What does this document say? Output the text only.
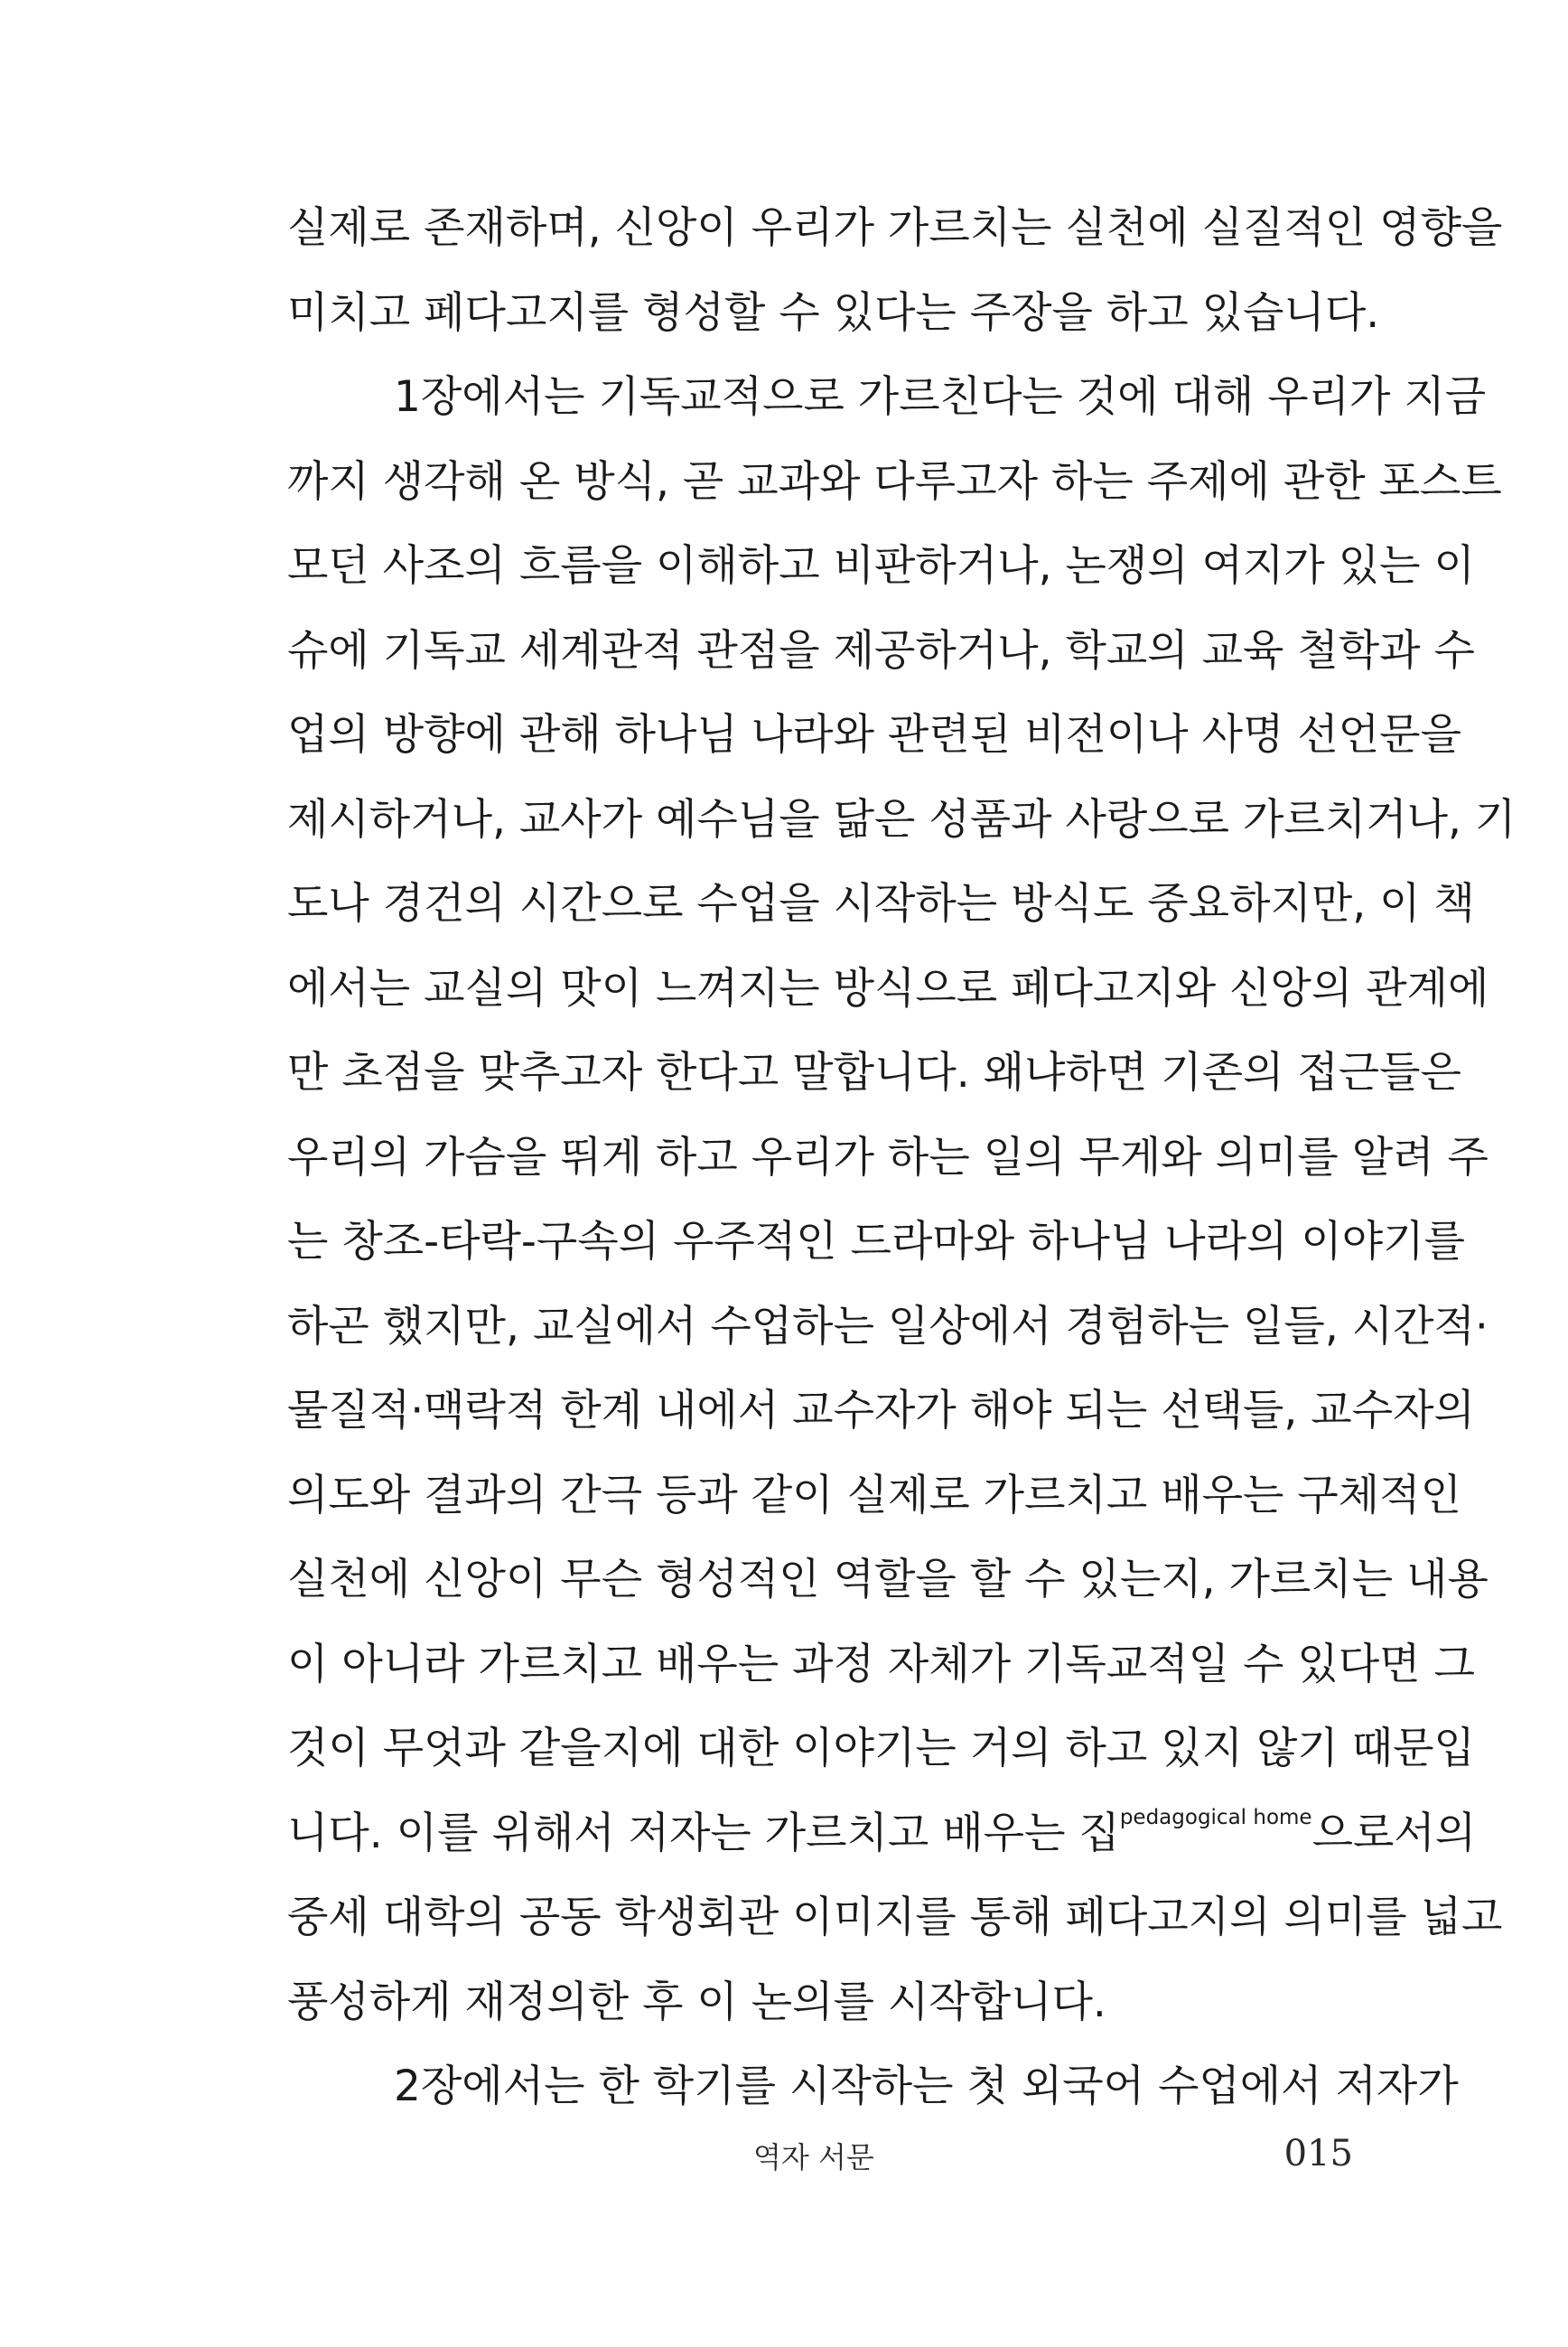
실제로 존재하며, 신앙이 우리가 가르치는 실천에 실질적인 영향을
미치고 페다고지를 형성할 수 있다는 주장을 하고 있습니다.
1장에서는 기독교적으로 가르친다는 것에 대해 우리가 지금
까지 생각해 온 방식, 곧 교과와 다루고자 하는 주제에 관한 포스트
모던 사조의 흐름을 이해하고 비판하거나, 논쟁의 여지가 있는 이
슈에 기독교 세계관적 관점을 제공하거나, 학교의 교육 철학과 수
업의 방향에 관해 하나님 나라와 관련된 비전이나 사명 선언문을
제시하거나, 교사가 예수님을 닮은 성품과 사랑으로 가르치거나, 기
도나 경건의 시간으로 수업을 시작하는 방식도 중요하지만, 이 책
에서는 교실의 맛이 느껴지는 방식으로 페다고지와 신앙의 관계에
만 초점을 맞추고자 한다고 말합니다. 왜냐하면 기존의 접근들은
우리의 가슴을 뛰게 하고 우리가 하는 일의 무게와 의미를 알려 주
는 창조-타락-구속의 우주적인 드라마와 하나님 나라의 이야기를
하곤 했지만, 교실에서 수업하는 일상에서 경험하는 일들, 시간적·
물질적·맥락적 한계 내에서 교수자가 해야 되는 선택들, 교수자의
의도와 결과의 간극 등과 같이 실제로 가르치고 배우는 구체적인
실천에 신앙이 무슨 형성적인 역할을 할 수 있는지, 가르치는 내용
이 아니라 가르치고 배우는 과정 자체가 기독교적일 수 있다면 그
것이 무엇과 같을지에 대한 이야기는 거의 하고 있지 않기 때문입
니다. 이를 위해서 저자는 가르치고 배우는 집$^{pedagogical home}$으로서의
중세 대학의 공동 학생회관 이미지를 통해 페다고지의 의미를 넓고
풍성하게 재정의한 후 이 논의를 시작합니다.
2장에서는 한 학기를 시작하는 첫 외국어 수업에서 저자가
역자 서문	015
